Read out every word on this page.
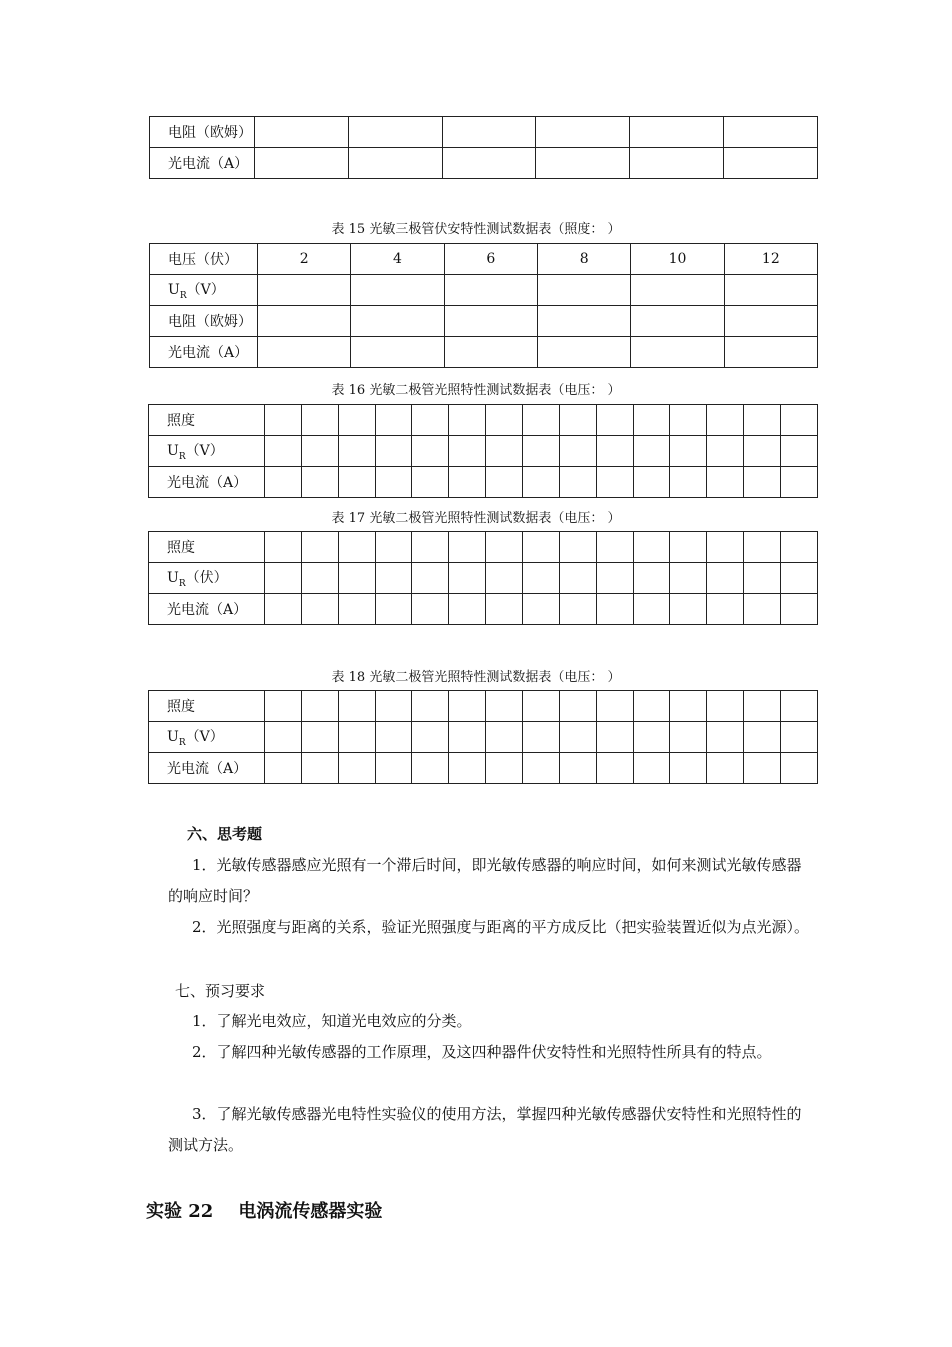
电阻（欧姆）						
光电流（A）						
表 15 光敏三极管伏安特性测试数据表（照度： ）
电压（伏）	2	4	6	8	10	12
$U_R(V)$						
电阻（欧姆）						
光电流（A）						
表 16 光敏二极管光照特性测试数据表（电压： ）
照度															
$U_R(V)$															
光电流（A）															
表 17 光敏二极管光照特性测试数据表（电压： ）
照度															
$U_R$（伏）															
光电流（A）															
表 18 光敏二极管光照特性测试数据表（电压： ）
照度															
$U_R(V)$															
光电流（A）															
六、思考题
1．光敏传感器感应光照有一个滞后时间，即光敏传感器的响应时间，如何来测试光敏传感器的响应时间？
2．光照强度与距离的关系，验证光照强度与距离的平方成反比（把实验装置近似为点光源）。
七、预习要求
1．了解光电效应，知道光电效应的分类。
2．了解四种光敏传感器的工作原理，及这四种器件伏安特性和光照特性所具有的特点。
3．了解光敏传感器光电特性实验仪的使用方法，掌握四种光敏传感器伏安特性和光照特性的测试方法。
实验 22    电涡流传感器实验
